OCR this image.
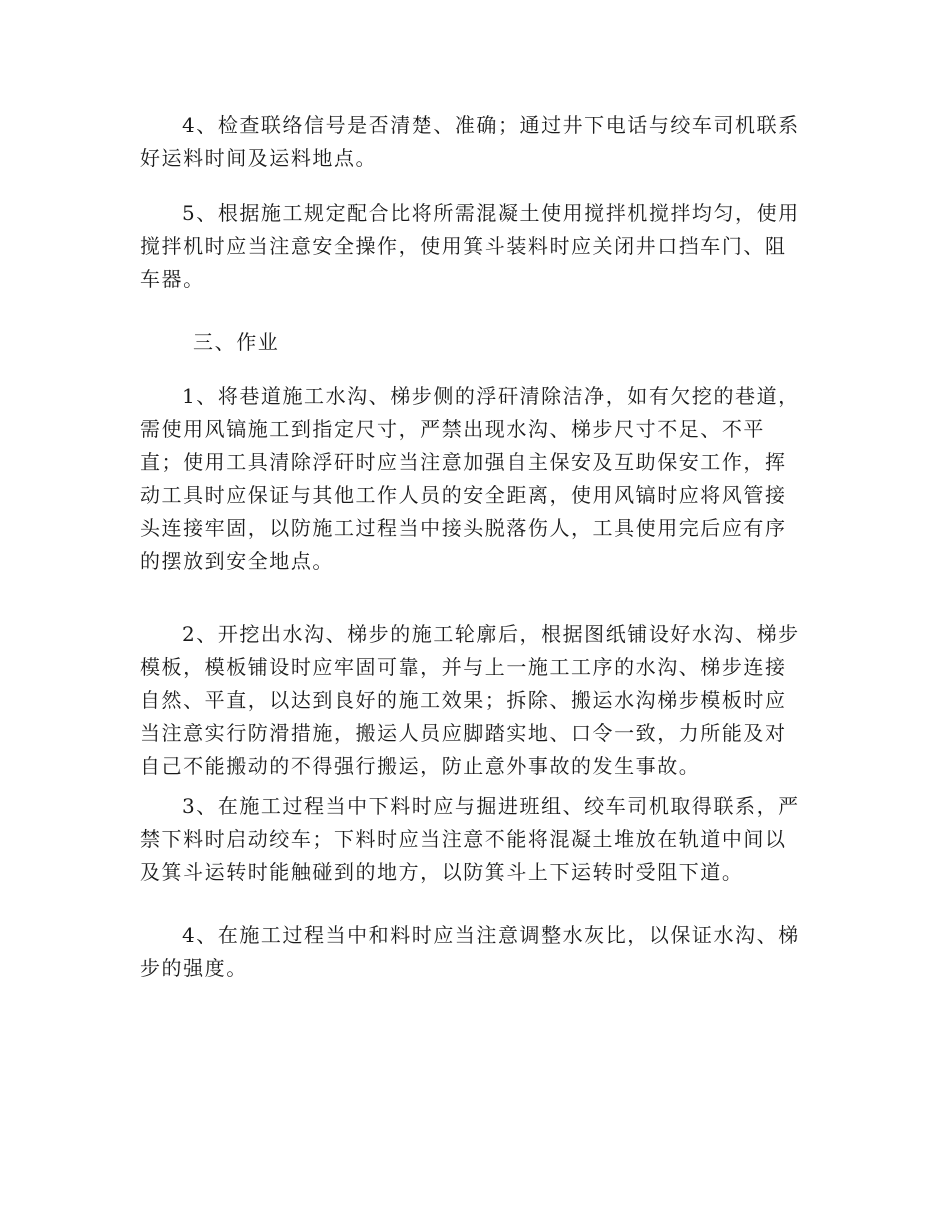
4、检查联络信号是否清楚、准确；通过井下电话与绞车司机联系
好运料时间及运料地点。

5、根据施工规定配合比将所需混凝土使用搅拌机搅拌均匀，使用
搅拌机时应当注意安全操作，使用箕斗装料时应关闭井口挡车门、阻
车器。

三、作业

1、将巷道施工水沟、梯步侧的浮矸清除洁净，如有欠挖的巷道，
需使用风镐施工到指定尺寸，严禁出现水沟、梯步尺寸不足、不平
直；使用工具清除浮矸时应当注意加强自主保安及互助保安工作，挥
动工具时应保证与其他工作人员的安全距离，使用风镐时应将风管接
头连接牢固，以防施工过程当中接头脱落伤人，工具使用完后应有序
的摆放到安全地点。

2、开挖出水沟、梯步的施工轮廓后，根据图纸铺设好水沟、梯步
模板，模板铺设时应牢固可靠，并与上一施工工序的水沟、梯步连接
自然、平直，以达到良好的施工效果；拆除、搬运水沟梯步模板时应
当注意实行防滑措施，搬运人员应脚踏实地、口令一致，力所能及对
自己不能搬动的不得强行搬运，防止意外事故的发生事故。

3、在施工过程当中下料时应与掘进班组、绞车司机取得联系，严
禁下料时启动绞车；下料时应当注意不能将混凝土堆放在轨道中间以
及箕斗运转时能触碰到的地方，以防箕斗上下运转时受阻下道。

4、在施工过程当中和料时应当注意调整水灰比，以保证水沟、梯
步的强度。
